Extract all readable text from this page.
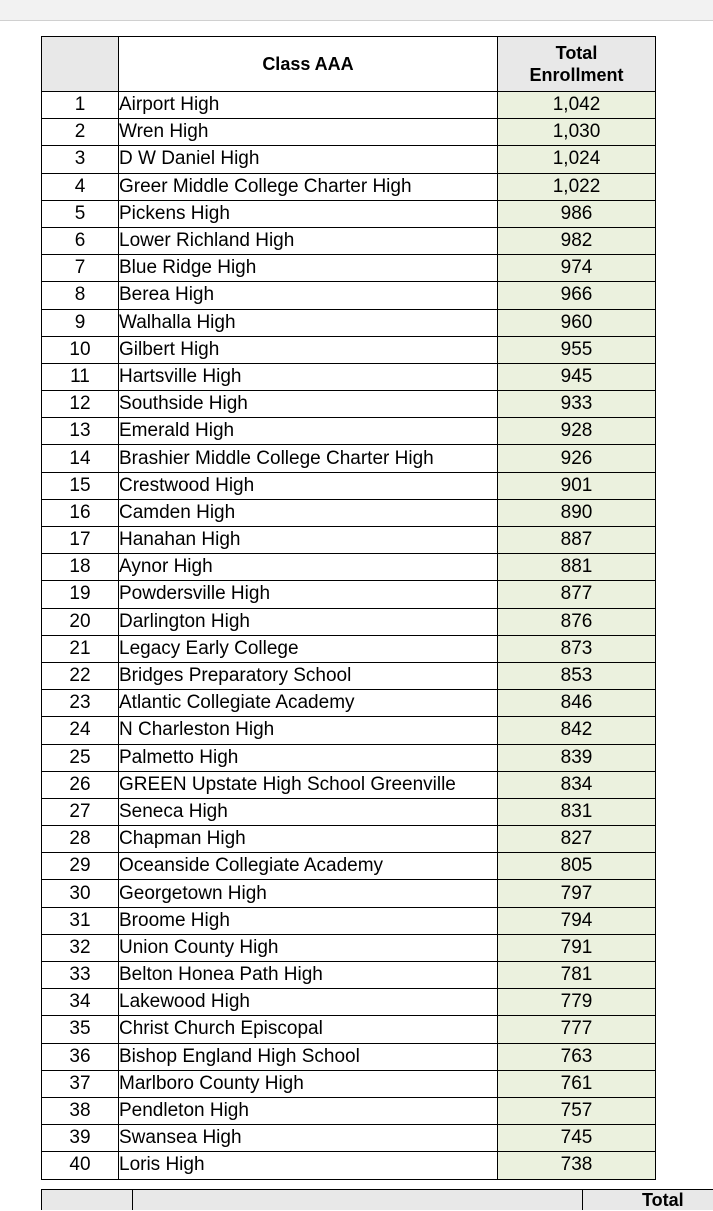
	Class AAA	Total
Enrollment
1	Airport High	1,042
2	Wren High	1,030
3	D W Daniel High	1,024
4	Greer Middle College Charter High	1,022
5	Pickens High	986
6	Lower Richland High	982
7	Blue Ridge High	974
8	Berea High	966
9	Walhalla High	960
10	Gilbert High	955
11	Hartsville High	945
12	Southside High	933
13	Emerald High	928
14	Brashier Middle College Charter High	926
15	Crestwood High	901
16	Camden High	890
17	Hanahan High	887
18	Aynor High	881
19	Powdersville High	877
20	Darlington High	876
21	Legacy Early College	873
22	Bridges Preparatory School	853
23	Atlantic Collegiate Academy	846
24	N Charleston High	842
25	Palmetto High	839
26	GREEN Upstate High School Greenville	834
27	Seneca High	831
28	Chapman High	827
29	Oceanside Collegiate Academy	805
30	Georgetown High	797
31	Broome High	794
32	Union County High	791
33	Belton Honea Path High	781
34	Lakewood High	779
35	Christ Church Episcopal	777
36	Bishop England High School	763
37	Marlboro County High	761
38	Pendleton High	757
39	Swansea High	745
40	Loris High	738
Total
